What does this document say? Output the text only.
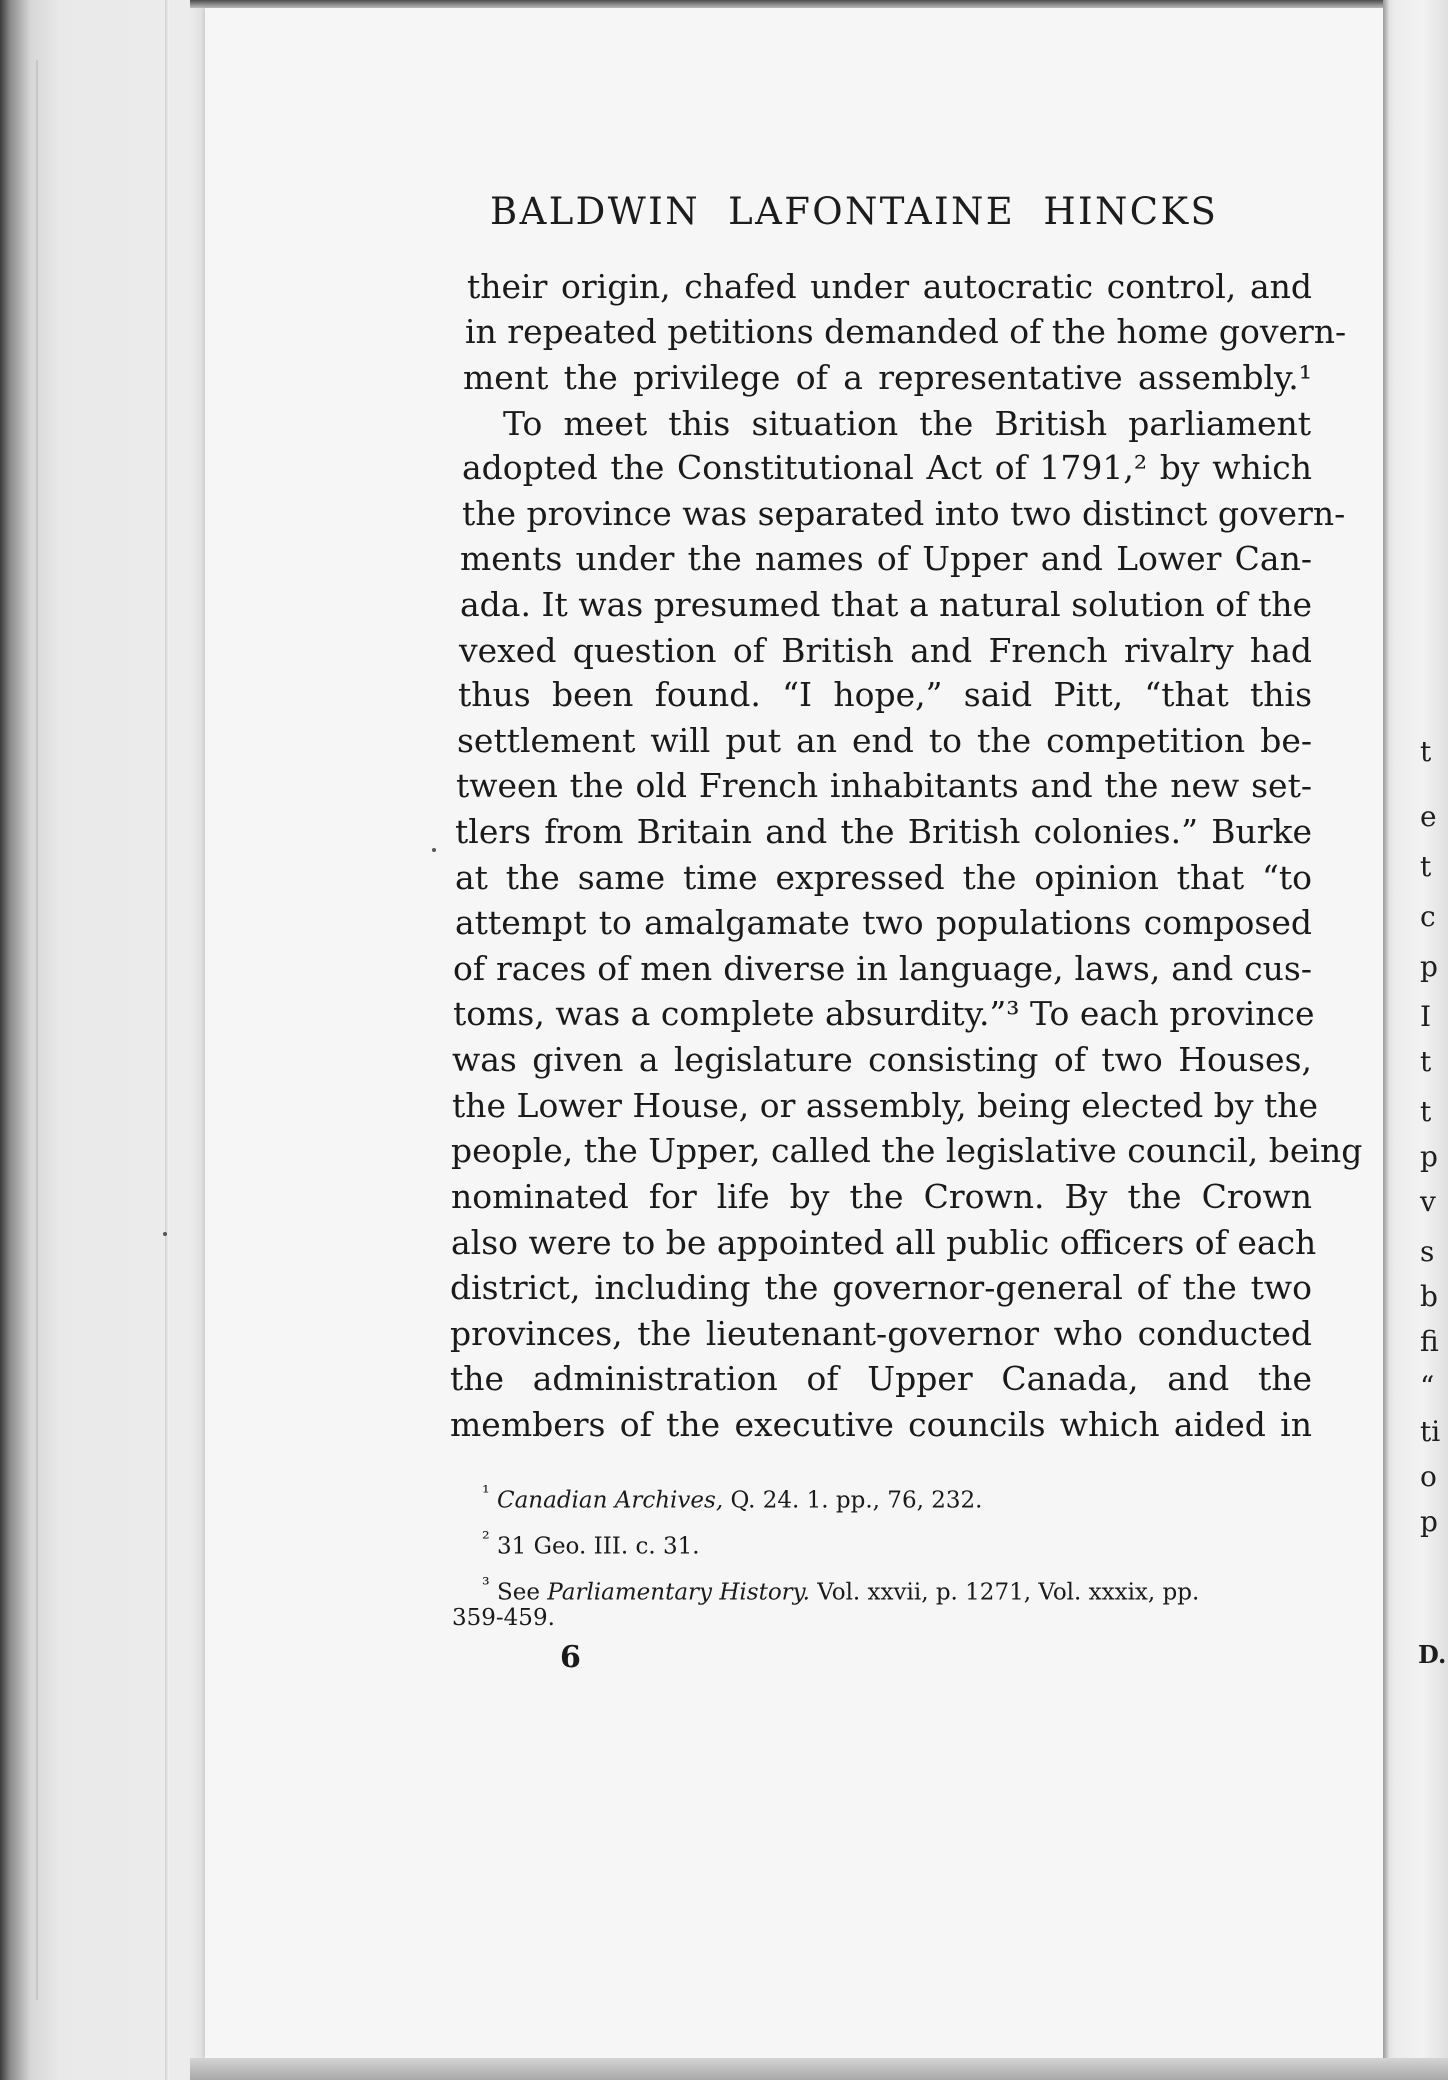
t
e
t
c
p
I
t
t
p
v
s
b
fi
“
ti
o
p
D.
BALDWIN LAFONTAINE HINCKS
their origin, chafed under autocratic control, and
in repeated petitions demanded of the home govern-
ment the privilege of a representative assembly.¹
To meet this situation the British parliament
adopted the Constitutional Act of 1791,² by which
the province was separated into two distinct govern-
ments under the names of Upper and Lower Can-
ada. It was presumed that a natural solution of the
vexed question of British and French rivalry had
thus been found. “I hope,” said Pitt, “that this
settlement will put an end to the competition be-
tween the old French inhabitants and the new set-
tlers from Britain and the British colonies.” Burke
at the same time expressed the opinion that “to
attempt to amalgamate two populations composed
of races of men diverse in language, laws, and cus-
toms, was a complete absurdity.”³ To each province
was given a legislature consisting of two Houses,
the Lower House, or assembly, being elected by the
people, the Upper, called the legislative council, being
nominated for life by the Crown. By the Crown
also were to be appointed all public officers of each
district, including the governor-general of the two
provinces, the lieutenant-governor who conducted
the administration of Upper Canada, and the
members of the executive councils which aided in
$^{^1}$ Canadian Archives, Q. 24. 1. pp., 76, 232.
$^{^2}$ 31 Geo. III. c. 31.
$^{^3}$ See Parliamentary History. Vol. xxvii, p. 1271, Vol. xxxix, pp.
359-459.
6
